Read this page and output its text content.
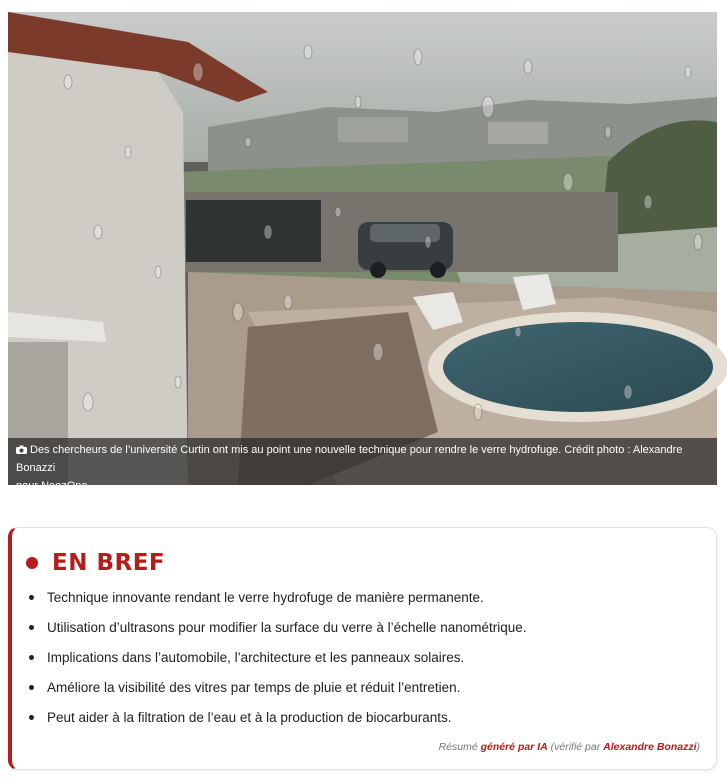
Des chercheurs de l’université Curtin ont mis au point une nouvelle technique pour rendre le verre hydrofuge. Crédit photo : Alexandre Bonazzi
pour NeozOne
EN BREF
Technique innovante rendant le verre hydrofuge de manière permanente.
Utilisation d’ultrasons pour modifier la surface du verre à l’échelle nanométrique.
Implications dans l’automobile, l’architecture et les panneaux solaires.
Améliore la visibilité des vitres par temps de pluie et réduit l’entretien.
Peut aider à la filtration de l’eau et à la production de biocarburants.
Résumé généré par IA (vérifié par Alexandre Bonazzi)
